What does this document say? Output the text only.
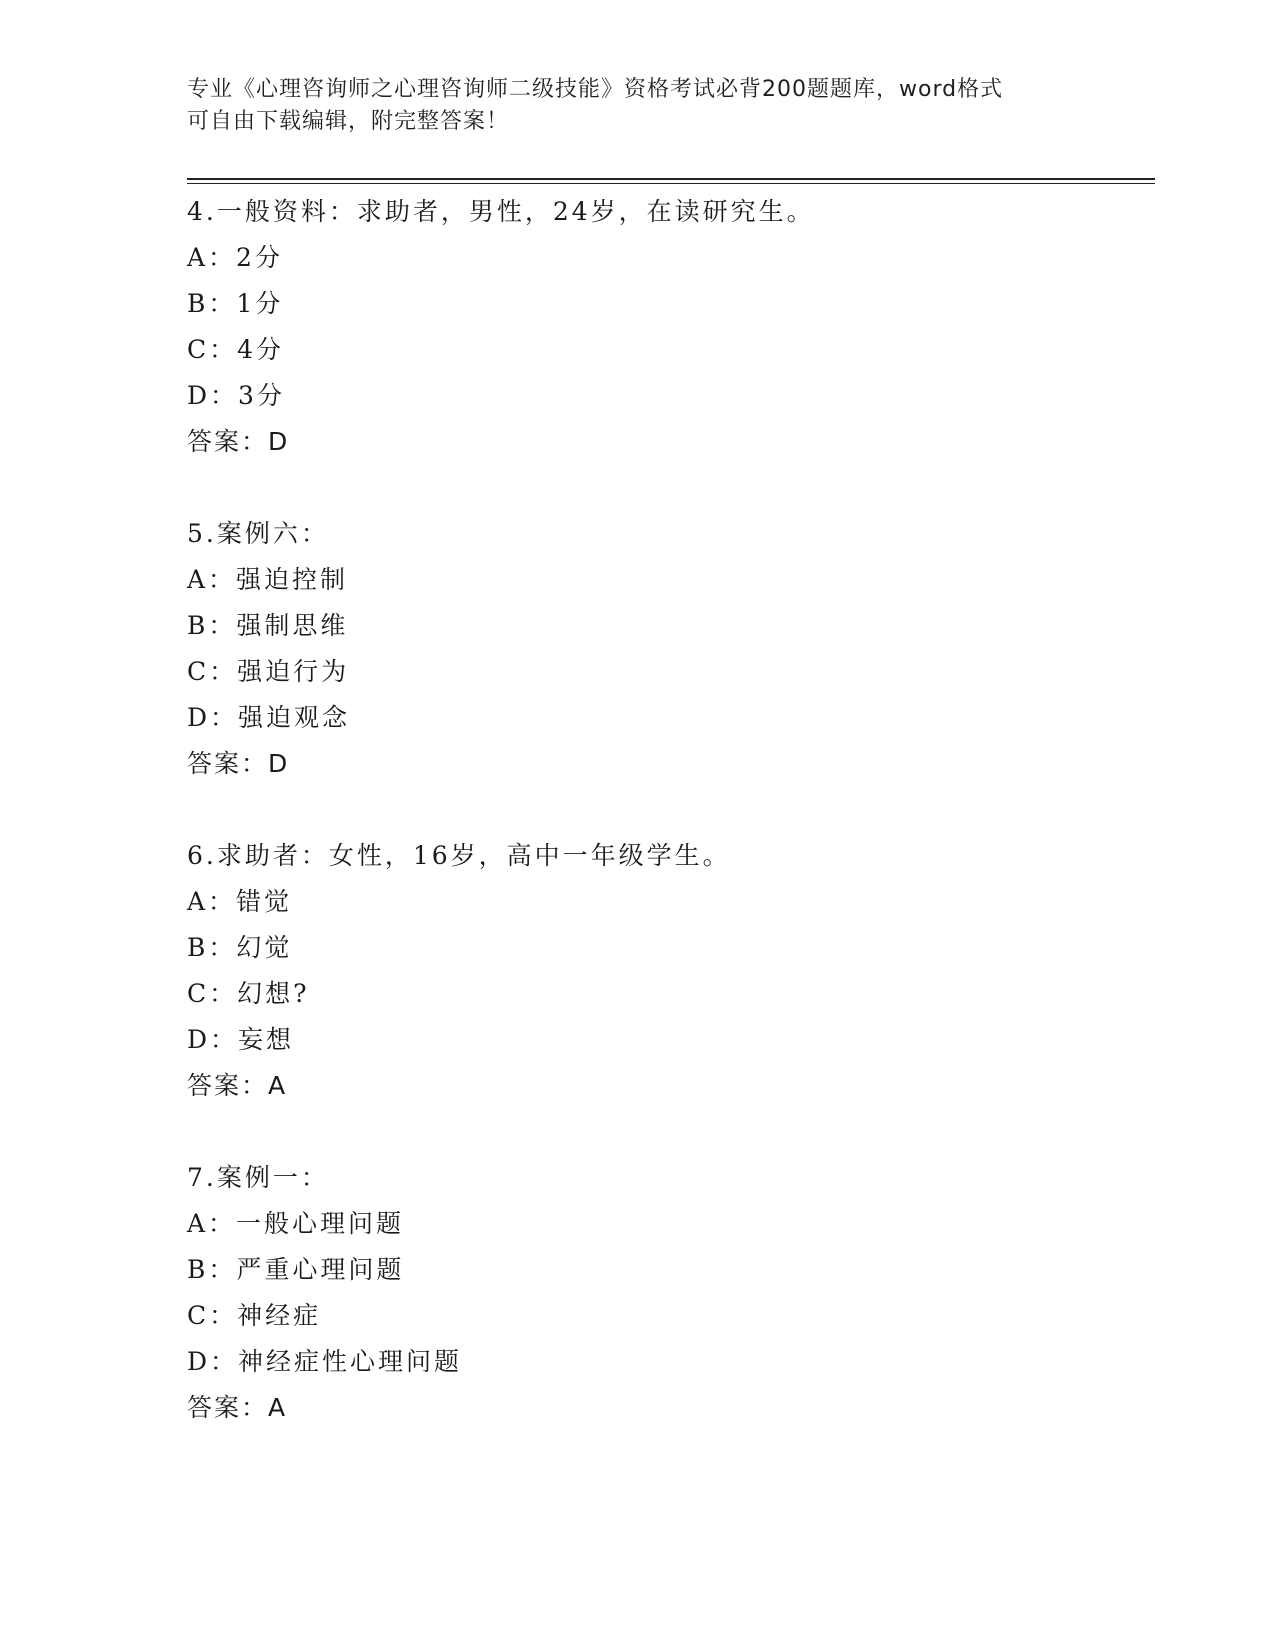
专业《心理咨询师之心理咨询师二级技能》资格考试必背200题题库，word格式
可自由下载编辑，附完整答案！
4.一般资料：求助者，男性，24岁，在读研究生。
A：2分
B：1分
C：4分
D：3分
答案：D
5.案例六：
A：强迫控制
B：强制思维
C：强迫行为
D：强迫观念
答案：D
6.求助者：女性，16岁，高中一年级学生。
A：错觉
B：幻觉
C：幻想?
D：妄想
答案：A
7.案例一：
A：一般心理问题
B：严重心理问题
C：神经症
D：神经症性心理问题
答案：A
